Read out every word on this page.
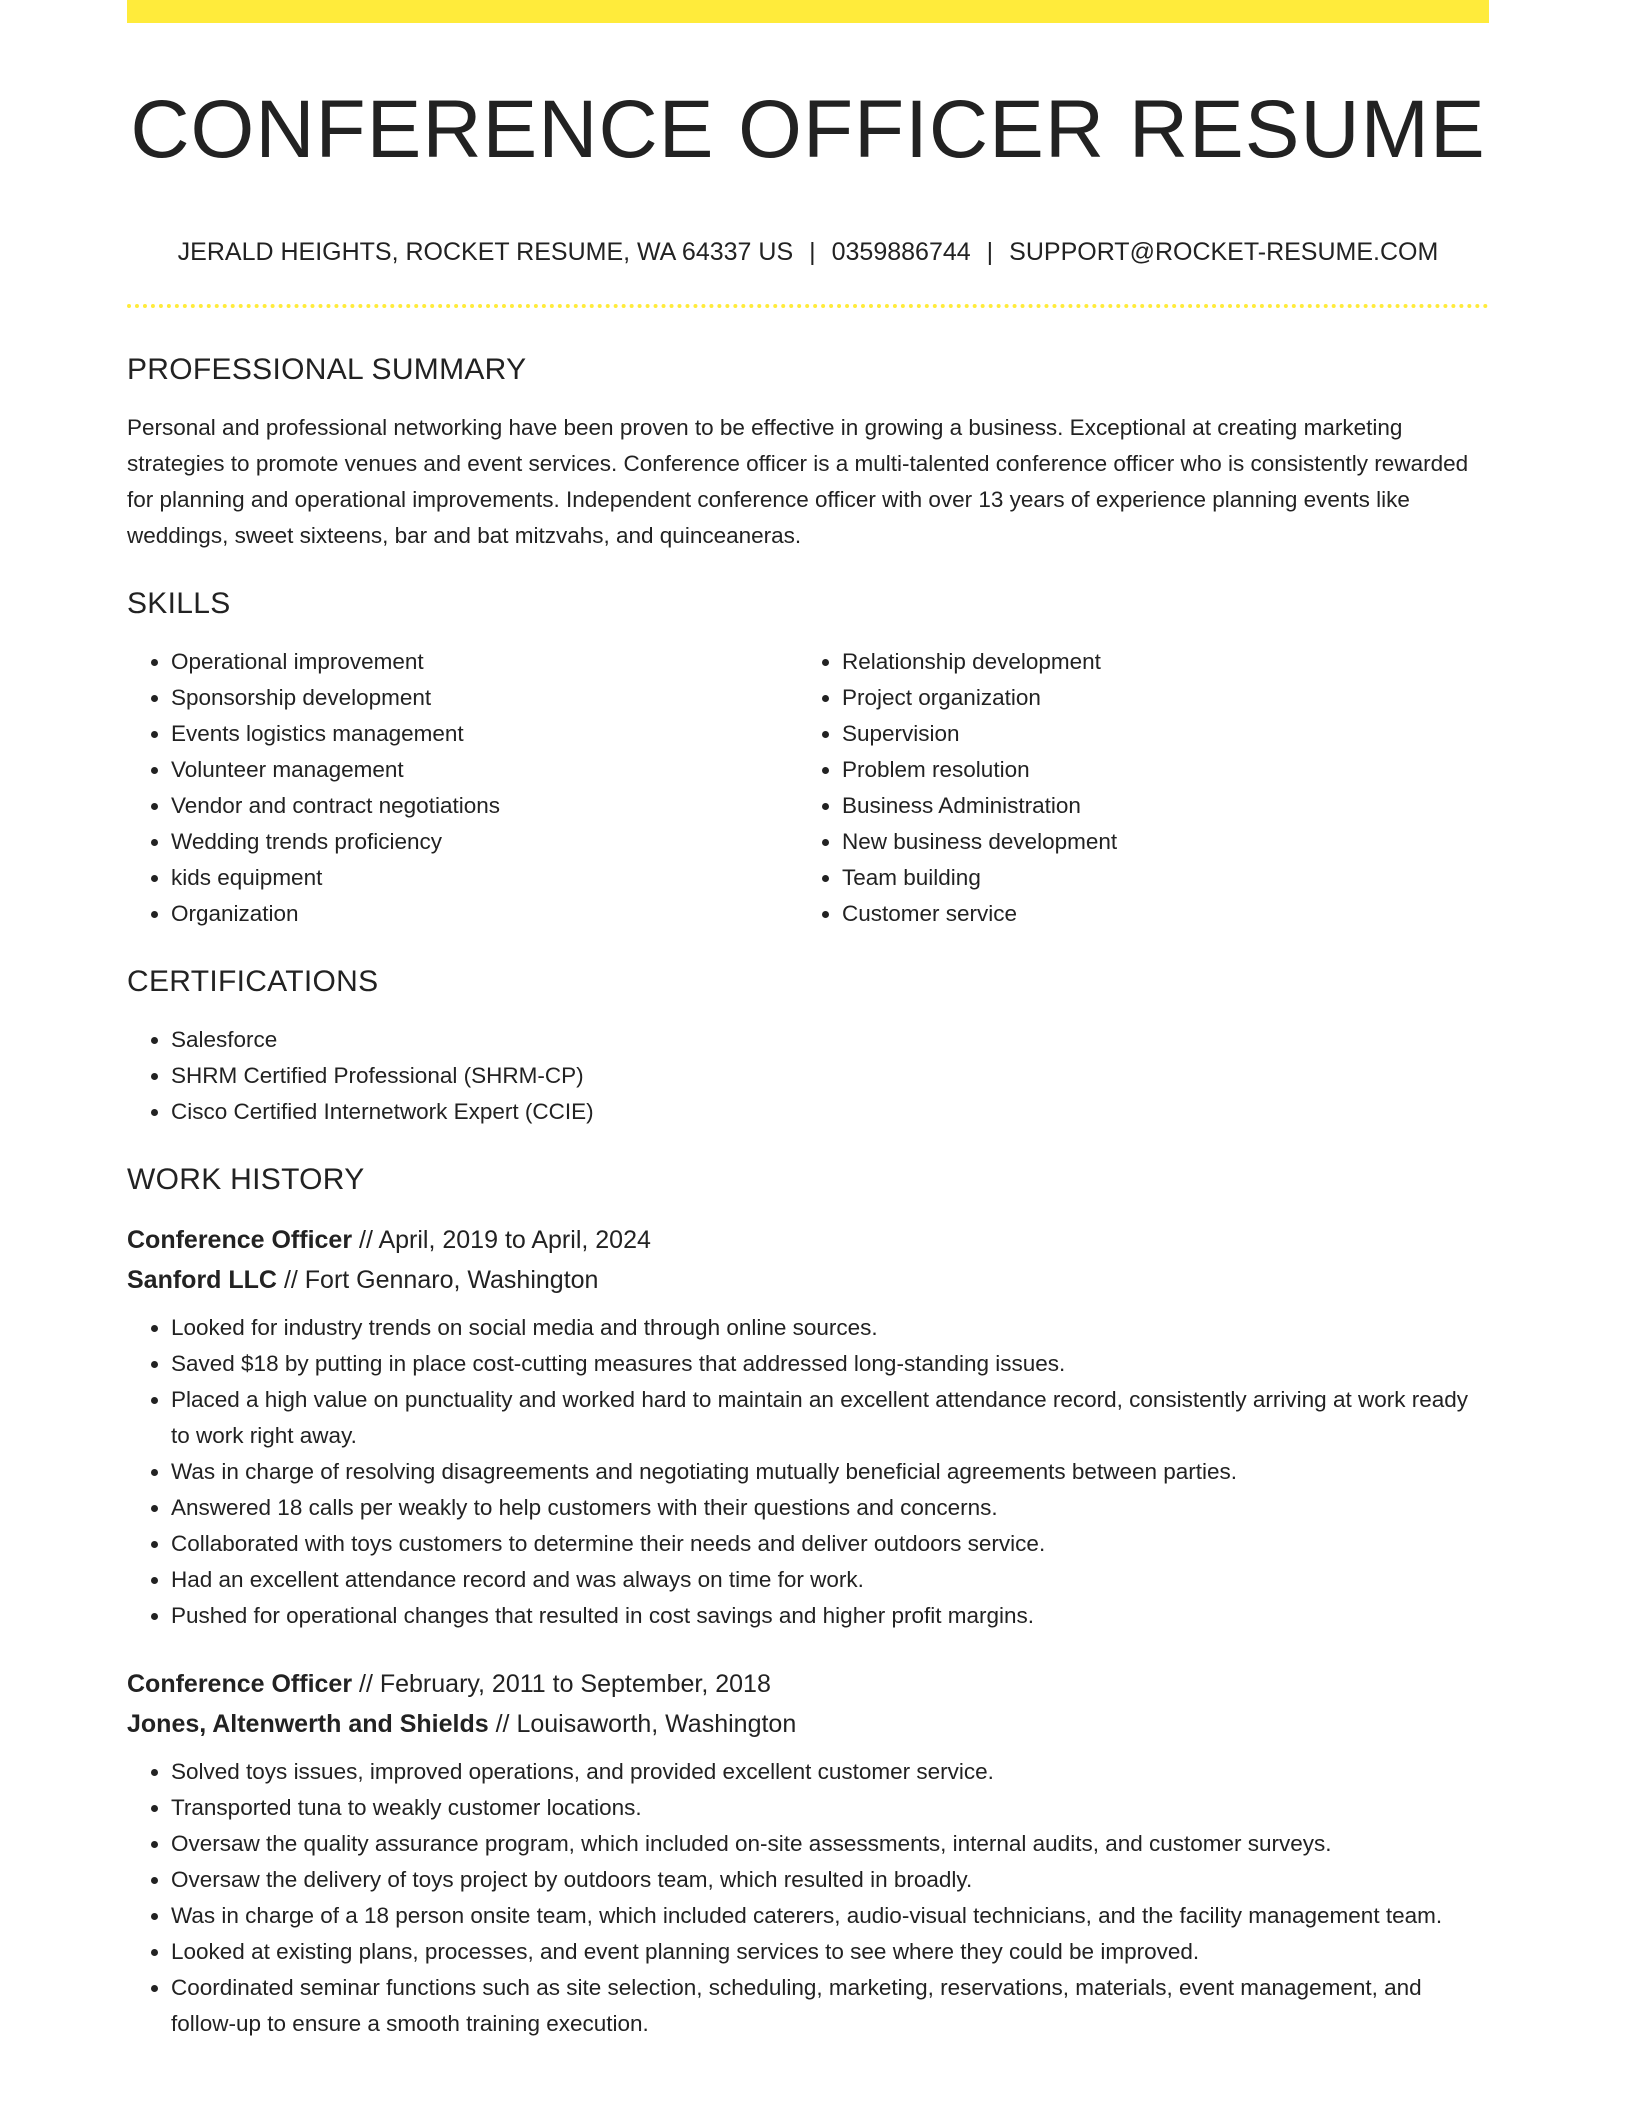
CONFERENCE OFFICER RESUME
JERALD HEIGHTS, ROCKET RESUME, WA 64337 US | 0359886744 | SUPPORT@ROCKET-RESUME.COM
PROFESSIONAL SUMMARY

Personal and professional networking have been proven to be effective in growing a business. Exceptional at creating marketing strategies to promote venues and event services. Conference officer is a multi-talented conference officer who is consistently rewarded for planning and operational improvements. Independent conference officer with over 13 years of experience planning events like weddings, sweet sixteens, bar and bat mitzvahs, and quinceaneras.

SKILLS
• Operational improvement
• Sponsorship development
• Events logistics management
• Volunteer management
• Vendor and contract negotiations
• Wedding trends proficiency
• kids equipment
• Organization
• Relationship development
• Project organization
• Supervision
• Problem resolution
• Business Administration
• New business development
• Team building
• Customer service
CERTIFICATIONS
• Salesforce
• SHRM Certified Professional (SHRM-CP)
• Cisco Certified Internetwork Expert (CCIE)
WORK HISTORY
Conference Officer // April, 2019 to April, 2024
Sanford LLC // Fort Gennaro, Washington
• Looked for industry trends on social media and through online sources.
• Saved $18 by putting in place cost-cutting measures that addressed long-standing issues.
• Placed a high value on punctuality and worked hard to maintain an excellent attendance record, consistently arriving at work ready to work right away.
• Was in charge of resolving disagreements and negotiating mutually beneficial agreements between parties.
• Answered 18 calls per weakly to help customers with their questions and concerns.
• Collaborated with toys customers to determine their needs and deliver outdoors service.
• Had an excellent attendance record and was always on time for work.
• Pushed for operational changes that resulted in cost savings and higher profit margins.
Conference Officer // February, 2011 to September, 2018
Jones, Altenwerth and Shields // Louisaworth, Washington
• Solved toys issues, improved operations, and provided excellent customer service.
• Transported tuna to weakly customer locations.
• Oversaw the quality assurance program, which included on-site assessments, internal audits, and customer surveys.
• Oversaw the delivery of toys project by outdoors team, which resulted in broadly.
• Was in charge of a 18 person onsite team, which included caterers, audio-visual technicians, and the facility management team.
• Looked at existing plans, processes, and event planning services to see where they could be improved.
• Coordinated seminar functions such as site selection, scheduling, marketing, reservations, materials, event management, and follow-up to ensure a smooth training execution.
